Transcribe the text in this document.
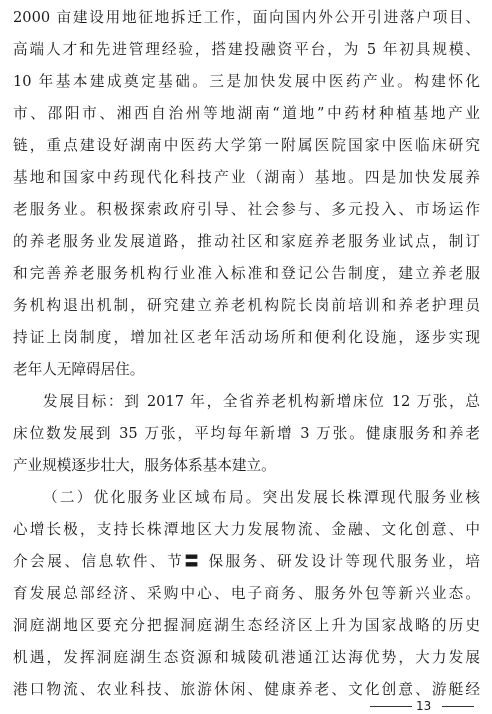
2000 亩建设用地征地拆迁工作，面向国内外公开引进落户项目、
高端人才和先进管理经验，搭建投融资平台，为 5 年初具规模、
10 年基本建成奠定基础。三是加快发展中医药产业。构建怀化
市、邵阳市、湘西自治州等地湖南“道地”中药材种植基地产业
链，重点建设好湖南中医药大学第一附属医院国家中医临床研究
基地和国家中药现代化科技产业（湖南）基地。四是加快发展养
老服务业。积极探索政府引导、社会参与、多元投入、市场运作
的养老服务业发展道路，推动社区和家庭养老服务业试点，制订
和完善养老服务机构行业准入标准和登记公告制度，建立养老服
务机构退出机制，研究建立养老机构院长岗前培训和养老护理员
持证上岗制度，增加社区老年活动场所和便利化设施，逐步实现
老年人无障碍居住。
发展目标：到 2017 年，全省养老机构新增床位 12 万张，总
床位数发展到 35 万张，平均每年新增 3 万张。健康服务和养老
产业规模逐步壮大，服务体系基本建立。
（二）优化服务业区域布局。突出发展长株潭现代服务业核
心增长极，支持长株潭地区大力发展物流、金融、文化创意、中
介会展、信息软件、节〓 保服务、研发设计等现代服务业，培
育发展总部经济、采购中心、电子商务、服务外包等新兴业态。
洞庭湖地区要充分把握洞庭湖生态经济区上升为国家战略的历史
机遇，发挥洞庭湖生态资源和城陵矶港通江达海优势，大力发展
港口物流、农业科技、旅游休闲、健康养老、文化创意、游艇经
13
